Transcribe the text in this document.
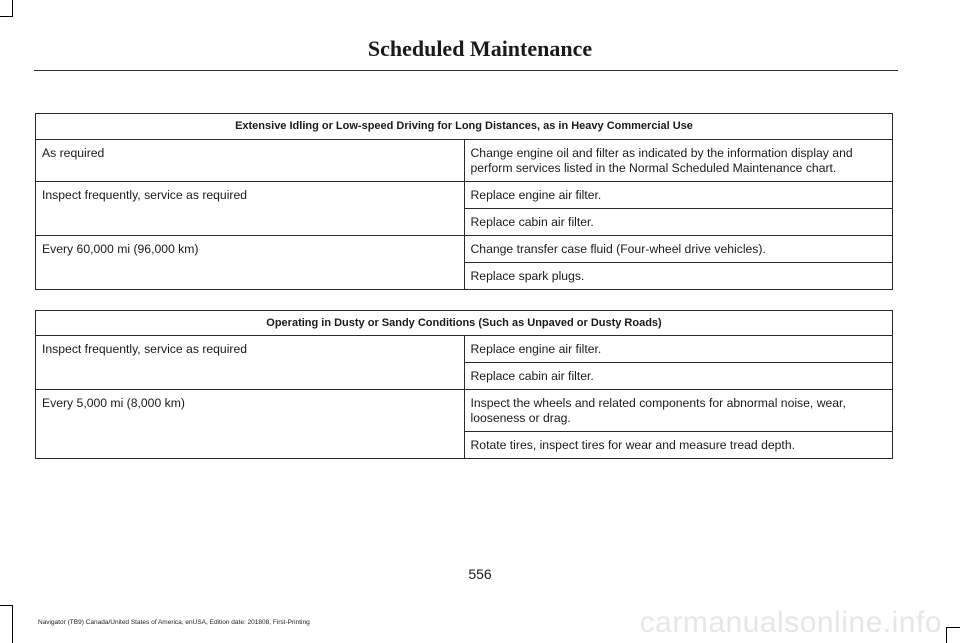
Scheduled Maintenance
Extensive Idling or Low-speed Driving for Long Distances, as in Heavy Commercial Use	
As required	Change engine oil and filter as indicated by the information display and perform services listed in the Normal Scheduled Maintenance chart.
Inspect frequently, service as required	Replace engine air filter.
	Replace cabin air filter.
Every 60,000 mi (96,000 km)	Change transfer case fluid (Four-wheel drive vehicles).
	Replace spark plugs.
Operating in Dusty or Sandy Conditions (Such as Unpaved or Dusty Roads)	
Inspect frequently, service as required	Replace engine air filter.
	Replace cabin air filter.
Every 5,000 mi (8,000 km)	Inspect the wheels and related components for abnormal noise, wear, looseness or drag.
	Rotate tires, inspect tires for wear and measure tread depth.
556
Navigator (TB9) Canada/United States of America, enUSA, Edition date: 201808, First-Printing	carmanualsonline.info
